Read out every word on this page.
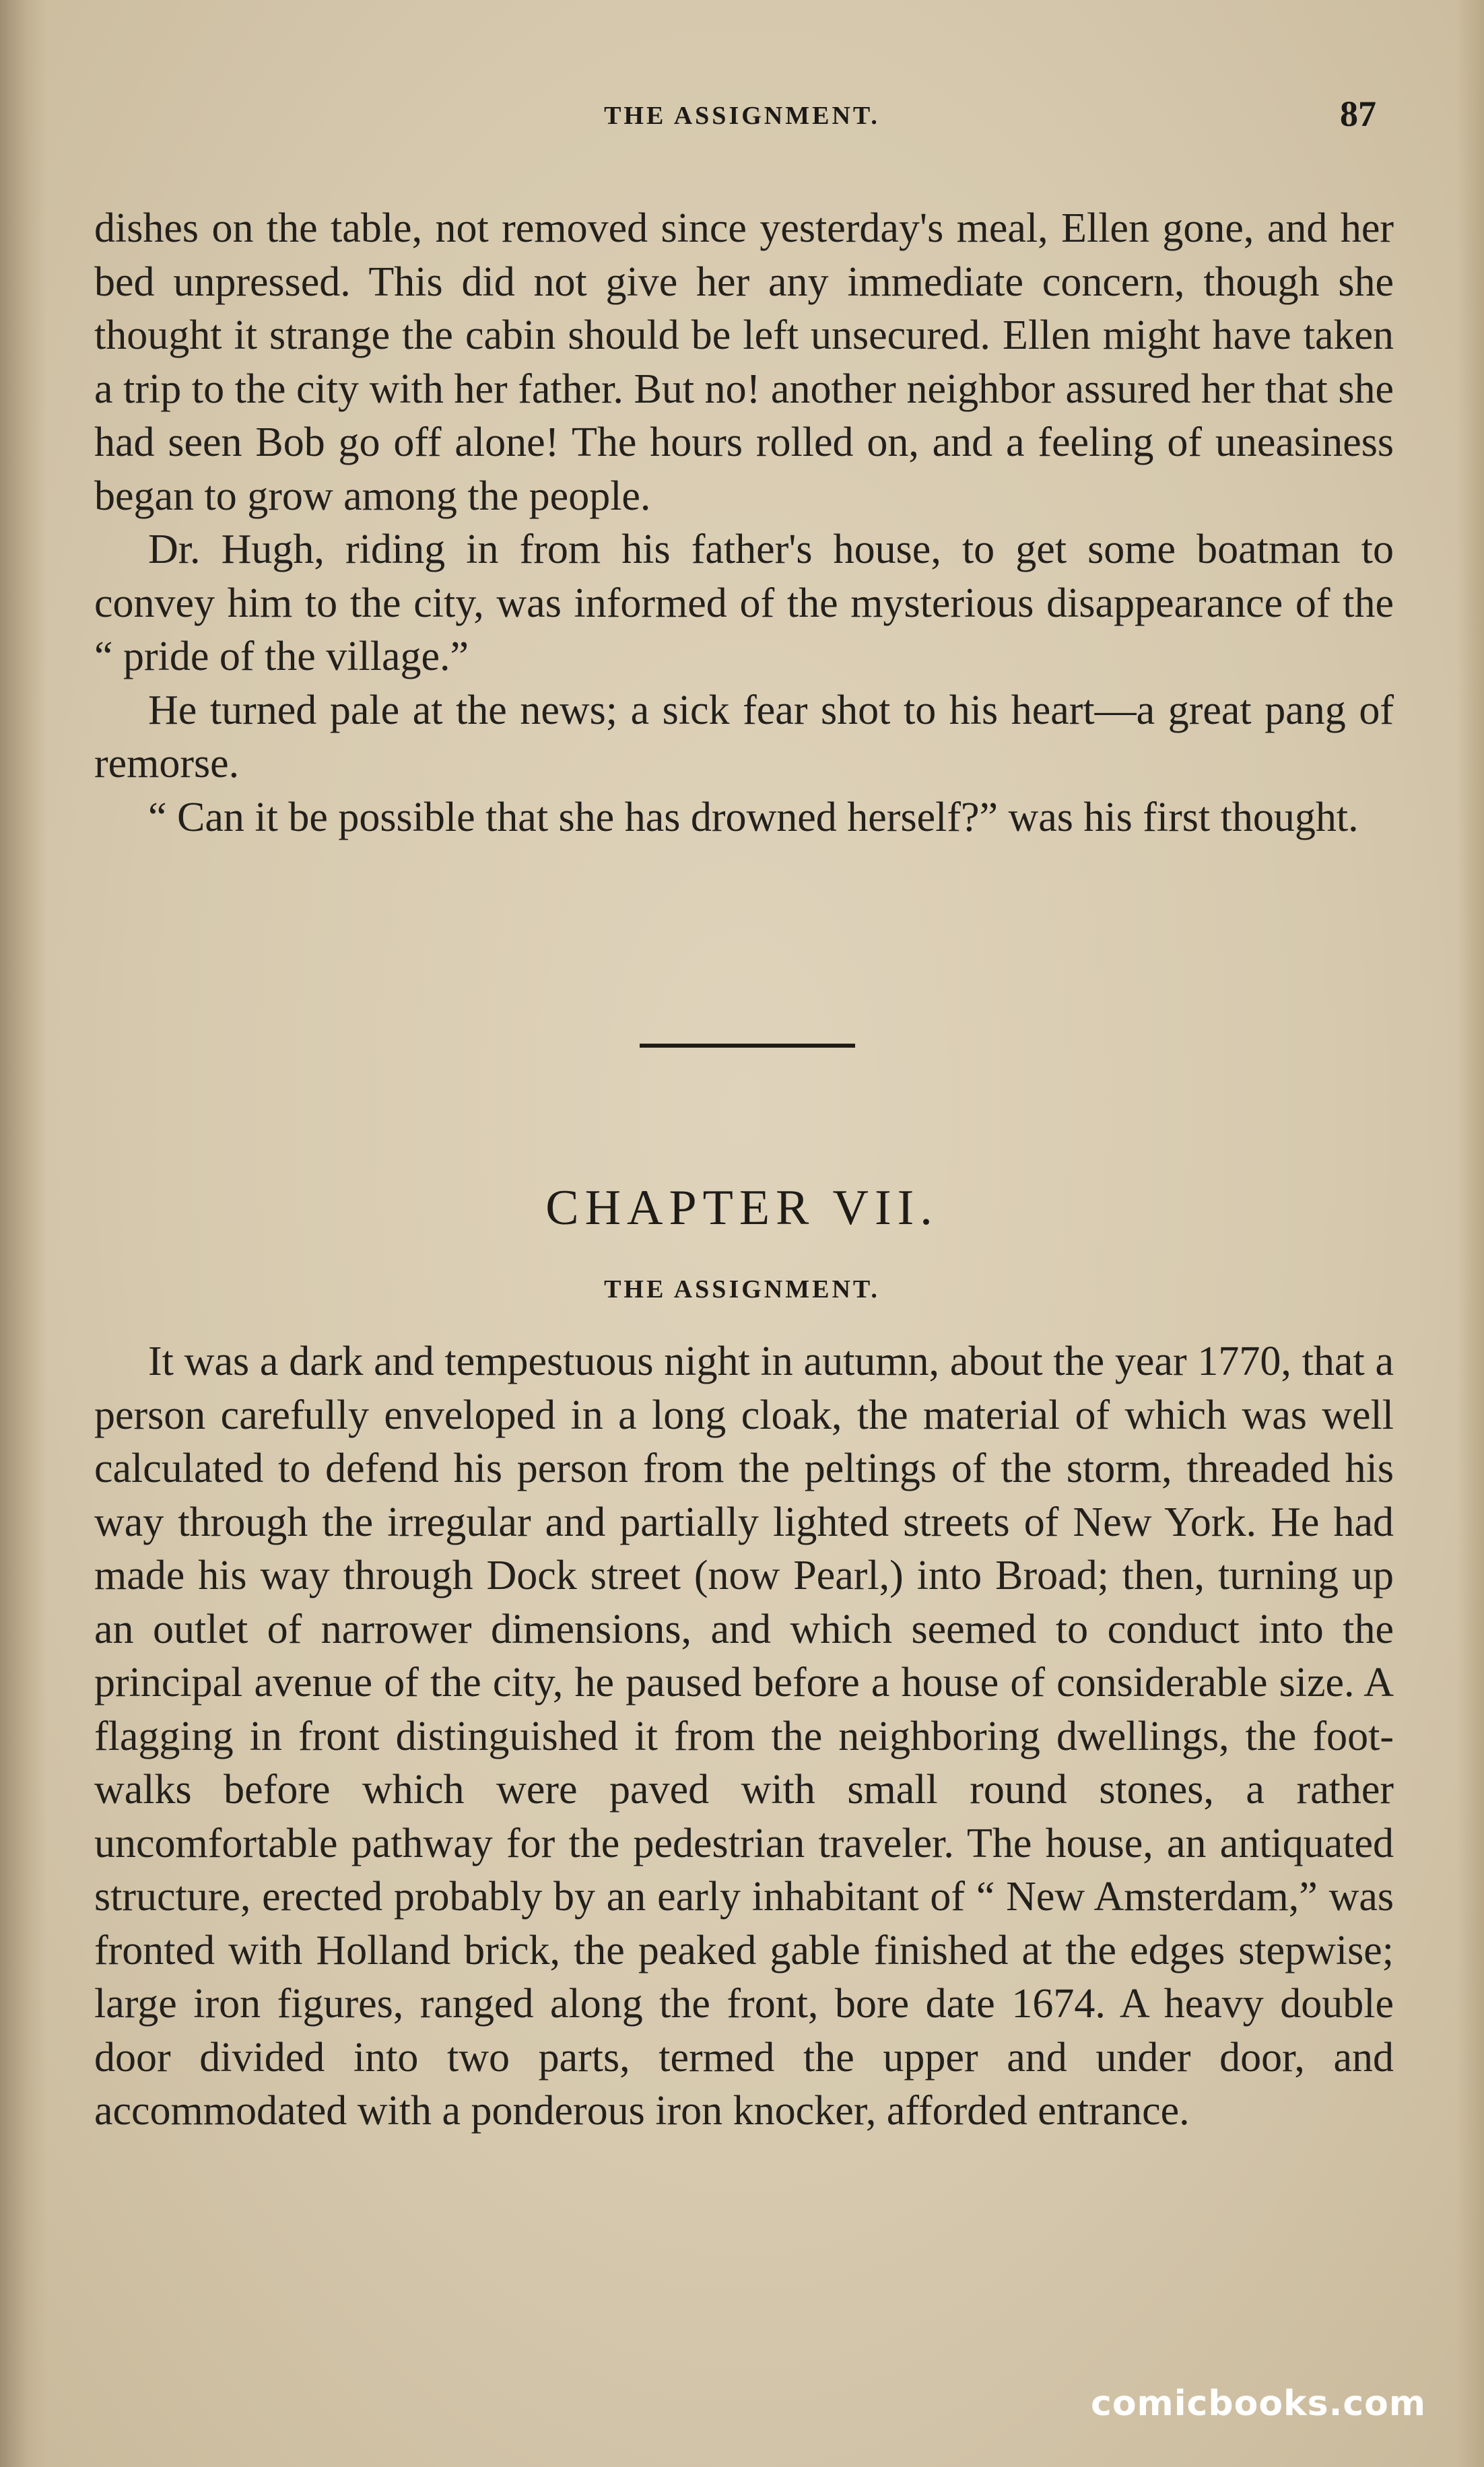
THE ASSIGNMENT.	87

dishes on the table, not removed since yesterday's meal, Ellen gone, and her bed unpressed. This did not give her any immediate concern, though she thought it strange the cabin should be left unsecured. Ellen might have taken a trip to the city with her father. But no! another neighbor assured her that she had seen Bob go off alone! The hours rolled on, and a feeling of uneasiness began to grow among the people.

Dr. Hugh, riding in from his father's house, to get some boatman to convey him to the city, was informed of the mysterious disappearance of the “ pride of the village.”

He turned pale at the news; a sick fear shot to his heart—a great pang of remorse.

“ Can it be possible that she has drowned herself?” was his first thought.

CHAPTER VII.
THE ASSIGNMENT.

It was a dark and tempestuous night in autumn, about the year 1770, that a person carefully enveloped in a long cloak, the material of which was well calculated to defend his person from the peltings of the storm, threaded his way through the irregular and partially lighted streets of New York. He had made his way through Dock street (now Pearl,) into Broad; then, turning up an outlet of narrower dimensions, and which seemed to conduct into the principal avenue of the city, he paused before a house of considerable size. A flagging in front distinguished it from the neighboring dwellings, the foot-walks before which were paved with small round stones, a rather uncomfortable pathway for the pedestrian traveler. The house, an antiquated structure, erected probably by an early inhabitant of “ New Amsterdam,” was fronted with Holland brick, the peaked gable finished at the edges stepwise; large iron figures, ranged along the front, bore date 1674. A heavy double door divided into two parts, termed the upper and under door, and accommodated with a ponderous iron knocker, afforded entrance.

comicbooks.com
